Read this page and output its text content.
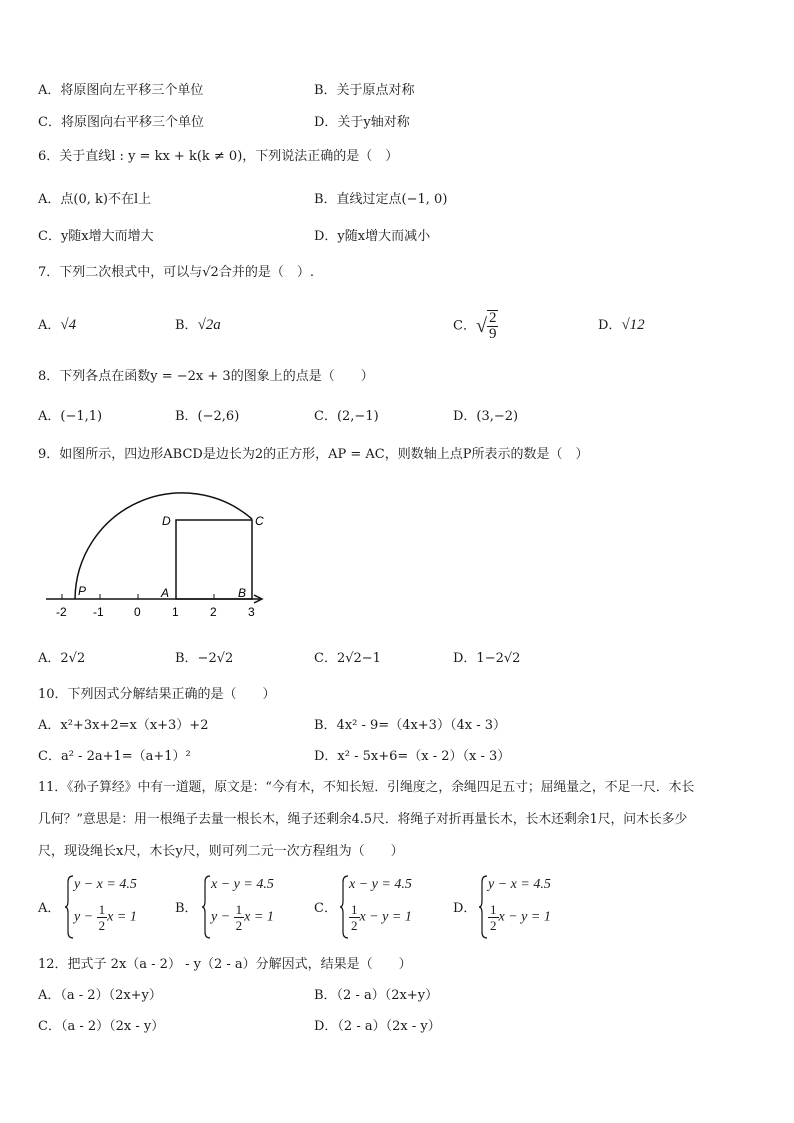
A．将原图向左平移三个单位	B．关于原点对称
C．将原图向右平移三个单位	D．关于y轴对称
6．关于直线l : y = kx + k(k ≠ 0)，下列说法正确的是（　）
A．点(0, k)不在l上	B．直线过定点(−1, 0)
C．y随x增大而增大	D．y随x增大而减小
7．下列二次根式中，可以与√2合并的是（　）.
A．√4	B．√2a	C．√ $\frac{2}{9}$	D．√12
8．下列各点在函数y = −2x + 3的图象上的点是（　　）
A．(−1,1)	B．(−2,6)	C．(2,−1)	D．(3,−2)
9．如图所示，四边形ABCD是边长为2的正方形，AP = AC，则数轴上点P所表示的数是（　）
D	C
P	A	B
-2 -1	0	1	2	3
A．2√2	B．−2√2	C．2√2−1	D．1−2√2
10．下列因式分解结果正确的是（　　）
A．x²+3x+2=x（x+3）+2	B．4x² - 9=（4x+3）（4x - 3）
C．a² - 2a+1=（a+1）²	D．x² - 5x+6=（x - 2）（x - 3）
11．《孙子算经》中有一道题，原文是：“今有木，不知长短．引绳度之，余绳四足五寸；屈绳量之，不足一尺．木长
几何？”意思是：用一根绳子去量一根长木，绳子还剩余4.5尺．将绳子对折再量长木，长木还剩余1尺，问木长多少
尺，现设绳长x尺，木长y尺，则可列二元一次方程组为（　　）
A．
y − x = 4.5
$y - \frac{1}{2}$ x = 1
B．
x − y = 4.5
$y - \frac{1}{2}$ x = 1
C．
x − y = 4.5
$\frac{1}{2}$ x − y = 1
D．
y − x = 4.5
$\frac{1}{2}$ x − y = 1
12．把式子 2x（a - 2） - y（2 - a）分解因式，结果是（　　）
A．（a - 2）（2x+y）	B．（2 - a）（2x+y）
C．（a - 2）（2x - y）	D．（2 - a）（2x - y）
